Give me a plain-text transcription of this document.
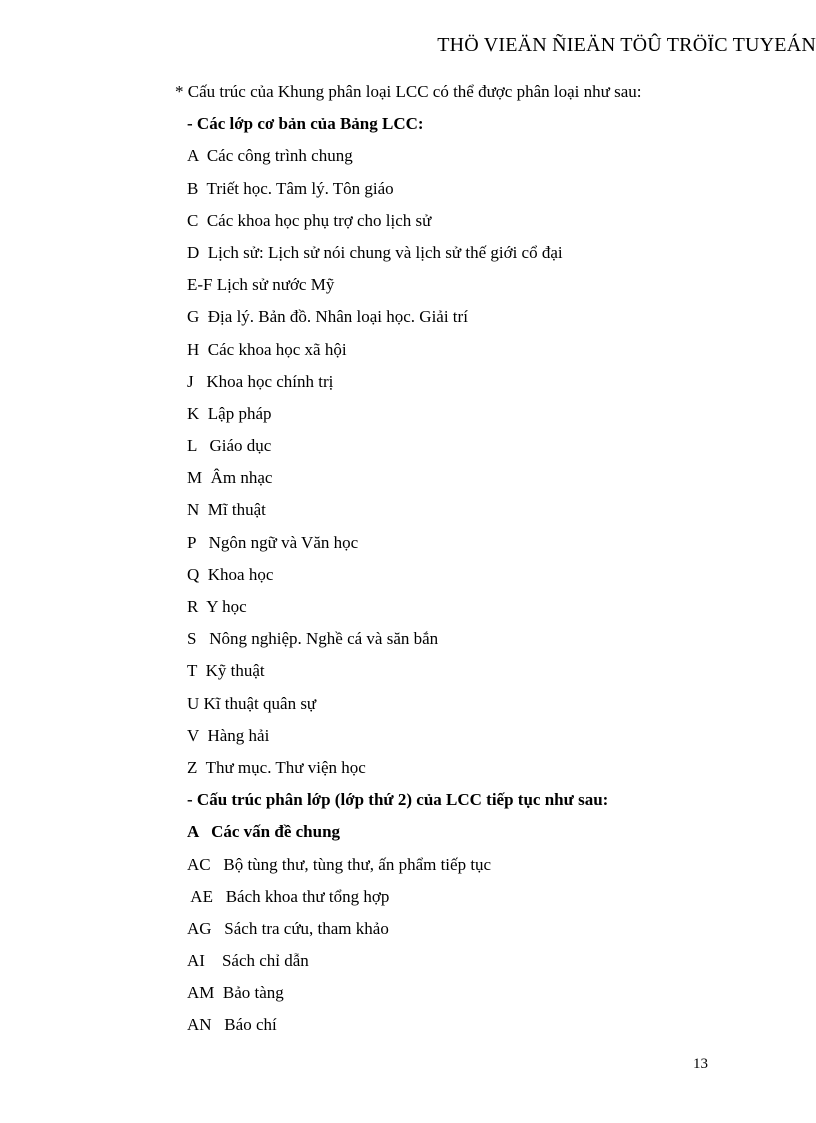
THÖ VIEÄN ÑIEÄN TÖÛ TRÖÏC TUYEÁN
* Cấu trúc của Khung phân loại LCC có thể được phân loại như sau:
- Các lớp cơ bản của Bảng LCC:
A  Các công trình chung
B  Triết học. Tâm lý. Tôn giáo
C  Các khoa học phụ trợ cho lịch sử
D  Lịch sử: Lịch sử nói chung và lịch sử thế giới cổ đại
E-F Lịch sử nước Mỹ
G  Địa lý. Bản đồ. Nhân loại học. Giải trí
H  Các khoa học xã hội
J   Khoa học chính trị
K  Lập pháp
L   Giáo dục
M  Âm nhạc
N  Mĩ thuật
P   Ngôn ngữ và Văn học
Q  Khoa học
R  Y học
S   Nông nghiệp. Nghề cá và săn bắn
T  Kỹ thuật
U Kĩ thuật quân sự
V  Hàng hải
Z  Thư mục. Thư viện học
- Cấu trúc phân lớp (lớp thứ 2) của LCC tiếp tục như sau:
A   Các vấn đề chung
AC   Bộ tùng thư, tùng thư, ấn phẩm tiếp tục
AE   Bách khoa thư tổng hợp
AG   Sách tra cứu, tham khảo
AI    Sách chỉ dẫn
AM  Bảo tàng
AN   Báo chí
13
